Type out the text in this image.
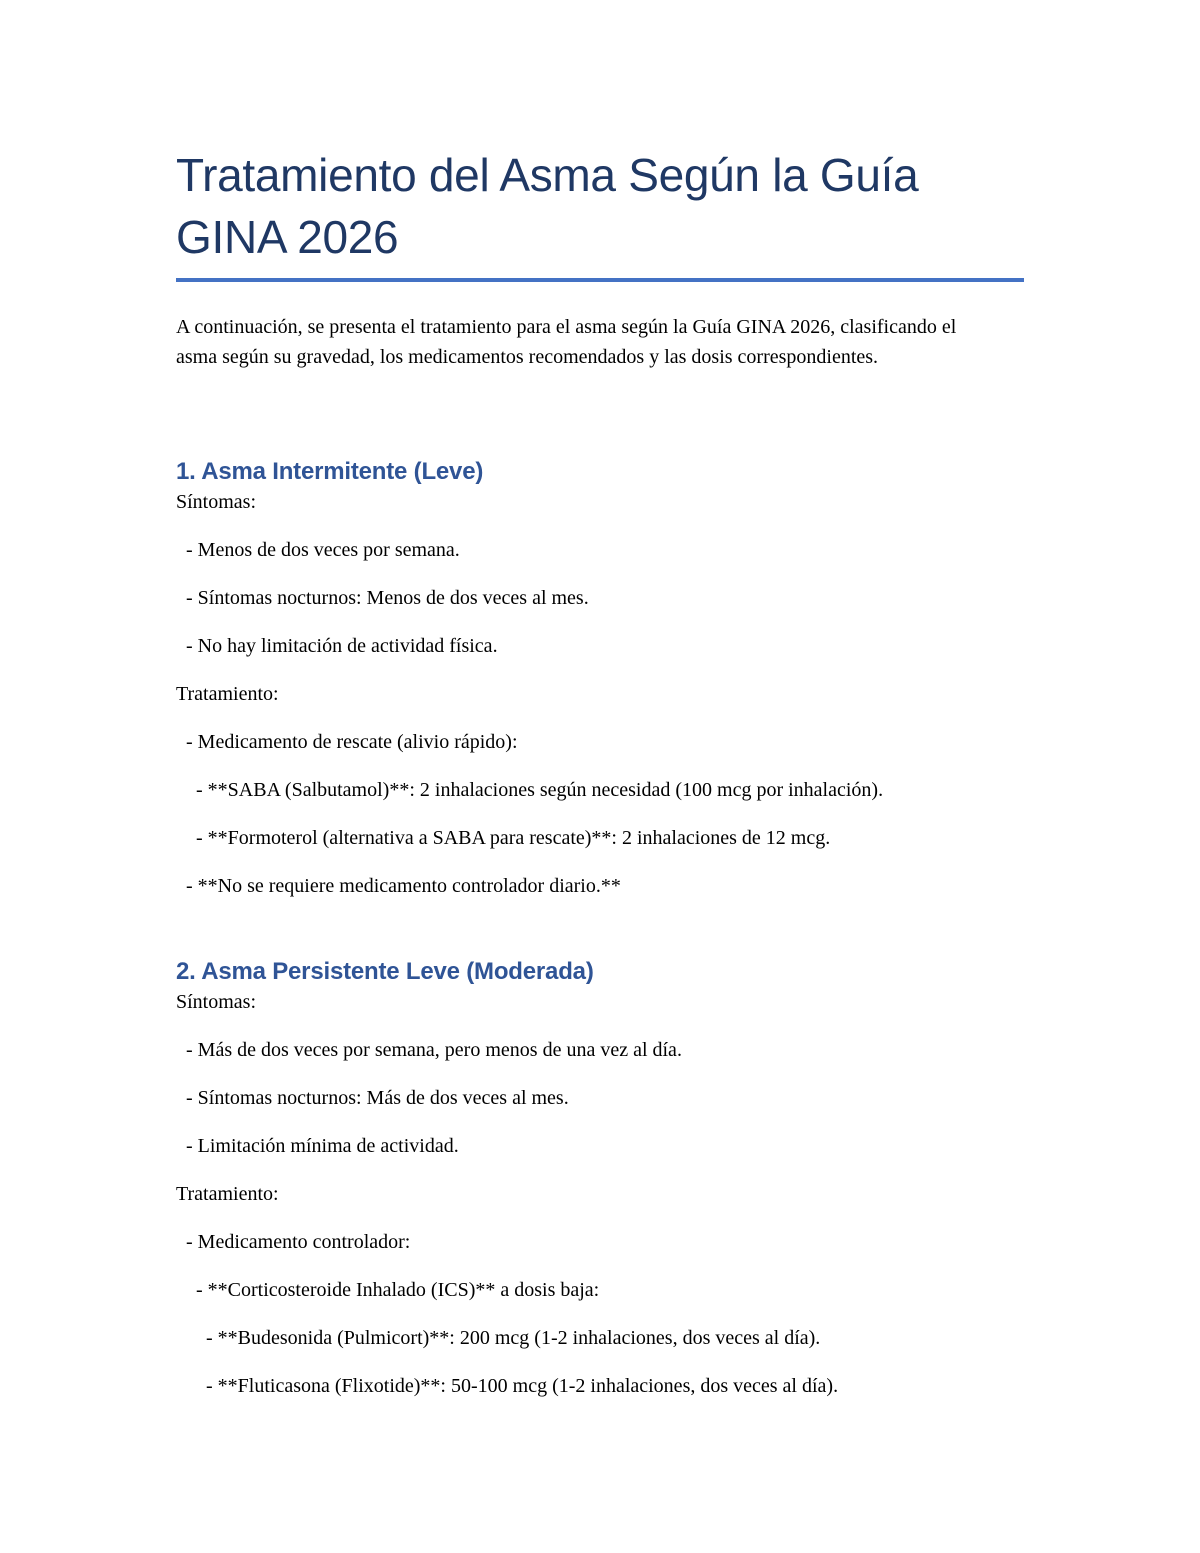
Tratamiento del Asma Según la Guía GINA 2026

A continuación, se presenta el tratamiento para el asma según la Guía GINA 2026, clasificando el asma según su gravedad, los medicamentos recomendados y las dosis correspondientes.

1. Asma Intermitente (Leve)

Síntomas:

- Menos de dos veces por semana.

- Síntomas nocturnos: Menos de dos veces al mes.

- No hay limitación de actividad física.

Tratamiento:

- Medicamento de rescate (alivio rápido):

- **SABA (Salbutamol)**: 2 inhalaciones según necesidad (100 mcg por inhalación).

- **Formoterol (alternativa a SABA para rescate)**: 2 inhalaciones de 12 mcg.

- **No se requiere medicamento controlador diario.**

2. Asma Persistente Leve (Moderada)

Síntomas:

- Más de dos veces por semana, pero menos de una vez al día.

- Síntomas nocturnos: Más de dos veces al mes.

- Limitación mínima de actividad.

Tratamiento:

- Medicamento controlador:

- **Corticosteroide Inhalado (ICS)** a dosis baja:

- **Budesonida (Pulmicort)**: 200 mcg (1-2 inhalaciones, dos veces al día).

- **Fluticasona (Flixotide)**: 50-100 mcg (1-2 inhalaciones, dos veces al día).
